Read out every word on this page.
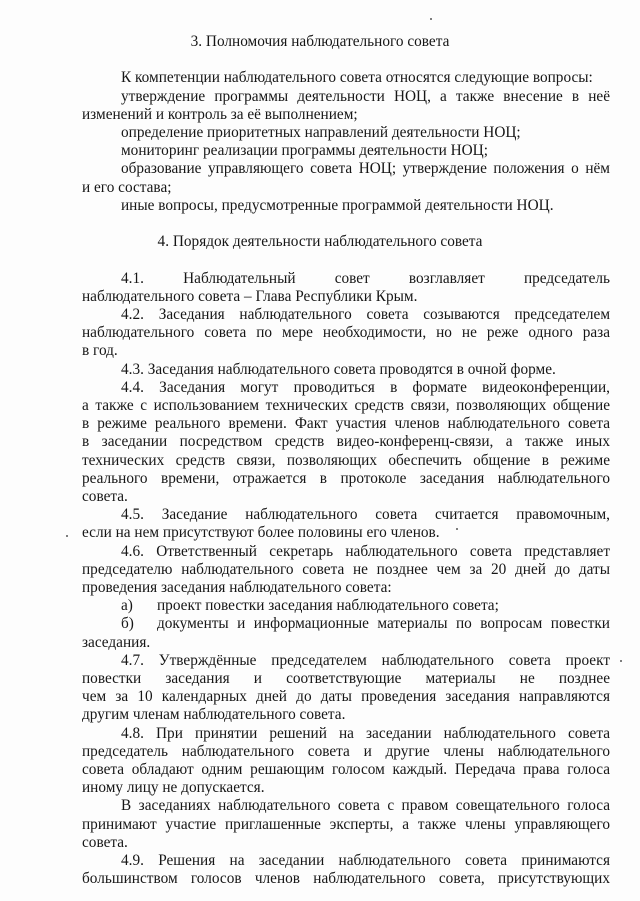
3. Полномочия наблюдательного совета
К компетенции наблюдательного совета относятся следующие вопросы:
утверждение программы деятельности НОЦ, а также внесение в неё
изменений и контроль за её выполнением;
определение приоритетных направлений деятельности НОЦ;
мониторинг реализации программы деятельности НОЦ;
образование управляющего совета НОЦ; утверждение положения о нём
и его состава;
иные вопросы, предусмотренные программой деятельности НОЦ.
4. Порядок деятельности наблюдательного совета
4.1. Наблюдательный совет возглавляет председатель
наблюдательного совета – Глава Республики Крым.
4.2. Заседания наблюдательного совета созываются председателем
наблюдательного совета по мере необходимости, но не реже одного раза
в год.
4.3. Заседания наблюдательного совета проводятся в очной форме.
4.4. Заседания могут проводиться в формате видеоконференции,
а также с использованием технических средств связи, позволяющих общение
в режиме реального времени. Факт участия членов наблюдательного совета
в заседании посредством средств видео-конференц-связи, а также иных
технических средств связи, позволяющих обеспечить общение в режиме
реального времени, отражается в протоколе заседания наблюдательного
совета.
4.5. Заседание наблюдательного совета считается правомочным,
если на нем присутствуют более половины его членов.
4.6. Ответственный секретарь наблюдательного совета представляет
председателю наблюдательного совета не позднее чем за 20 дней до даты
проведения заседания наблюдательного совета:
а) проект повестки заседания наблюдательного совета;
б) документы и информационные материалы по вопросам повестки
заседания.
4.7. Утверждённые председателем наблюдательного совета проект
повестки заседания и соответствующие материалы не позднее
чем за 10 календарных дней до даты проведения заседания направляются
другим членам наблюдательного совета.
4.8. При принятии решений на заседании наблюдательного совета
председатель наблюдательного совета и другие члены наблюдательного
совета обладают одним решающим голосом каждый. Передача права голоса
иному лицу не допускается.
В заседаниях наблюдательного совета с правом совещательного голоса
принимают участие приглашенные эксперты, а также члены управляющего
совета.
4.9. Решения на заседании наблюдательного совета принимаются
большинством голосов членов наблюдательного совета, присутствующих
